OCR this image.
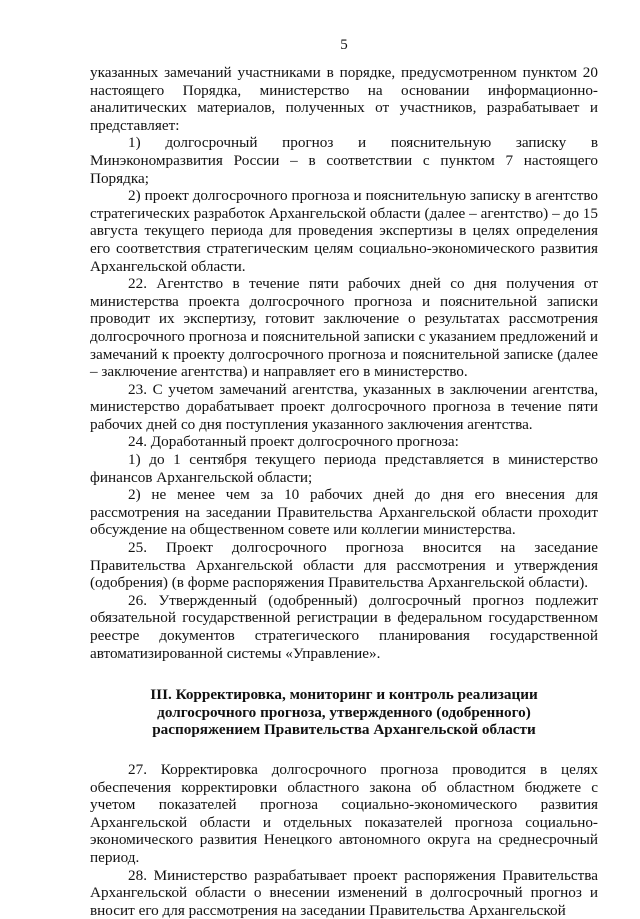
5

указанных замечаний участниками в порядке, предусмотренном пунктом 20 настоящего Порядка, министерство на основании информационно-аналитических материалов, полученных от участников, разрабатывает и представляет:

1) долгосрочный прогноз и пояснительную записку в Минэкономразвития России – в соответствии с пунктом 7 настоящего Порядка;

2) проект долгосрочного прогноза и пояснительную записку в агентство стратегических разработок Архангельской области (далее – агентство) – до 15 августа текущего периода для проведения экспертизы в целях определения его соответствия стратегическим целям социально-экономического развития Архангельской области.

22. Агентство в течение пяти рабочих дней со дня получения от министерства проекта долгосрочного прогноза и пояснительной записки проводит их экспертизу, готовит заключение о результатах рассмотрения долгосрочного прогноза и пояснительной записки с указанием предложений и замечаний к проекту долгосрочного прогноза и пояснительной записке (далее – заключение агентства) и направляет его в министерство.

23. С учетом замечаний агентства, указанных в заключении агентства, министерство дорабатывает проект долгосрочного прогноза в течение пяти рабочих дней со дня поступления указанного заключения агентства.

24. Доработанный проект долгосрочного прогноза:

1) до 1 сентября текущего периода представляется в министерство финансов Архангельской области;

2) не менее чем за 10 рабочих дней до дня его внесения для рассмотрения на заседании Правительства Архангельской области проходит обсуждение на общественном совете или коллегии министерства.

25. Проект долгосрочного прогноза вносится на заседание Правительства Архангельской области для рассмотрения и утверждения (одобрения) (в форме распоряжения Правительства Архангельской области).

26. Утвержденный (одобренный) долгосрочный прогноз подлежит обязательной государственной регистрации в федеральном государственном реестре документов стратегического планирования государственной автоматизированной системы «Управление».

III. Корректировка, мониторинг и контроль реализации
долгосрочного прогноза, утвержденного (одобренного)
распоряжением Правительства Архангельской области

27. Корректировка долгосрочного прогноза проводится в целях обеспечения корректировки областного закона об областном бюджете с учетом показателей прогноза социально-экономического развития Архангельской области и отдельных показателей прогноза социально-экономического развития Ненецкого автономного округа на среднесрочный период.

28. Министерство разрабатывает проект распоряжения Правительства Архангельской области о внесении изменений в долгосрочный прогноз и вносит его для рассмотрения на заседании Правительства Архангельской
